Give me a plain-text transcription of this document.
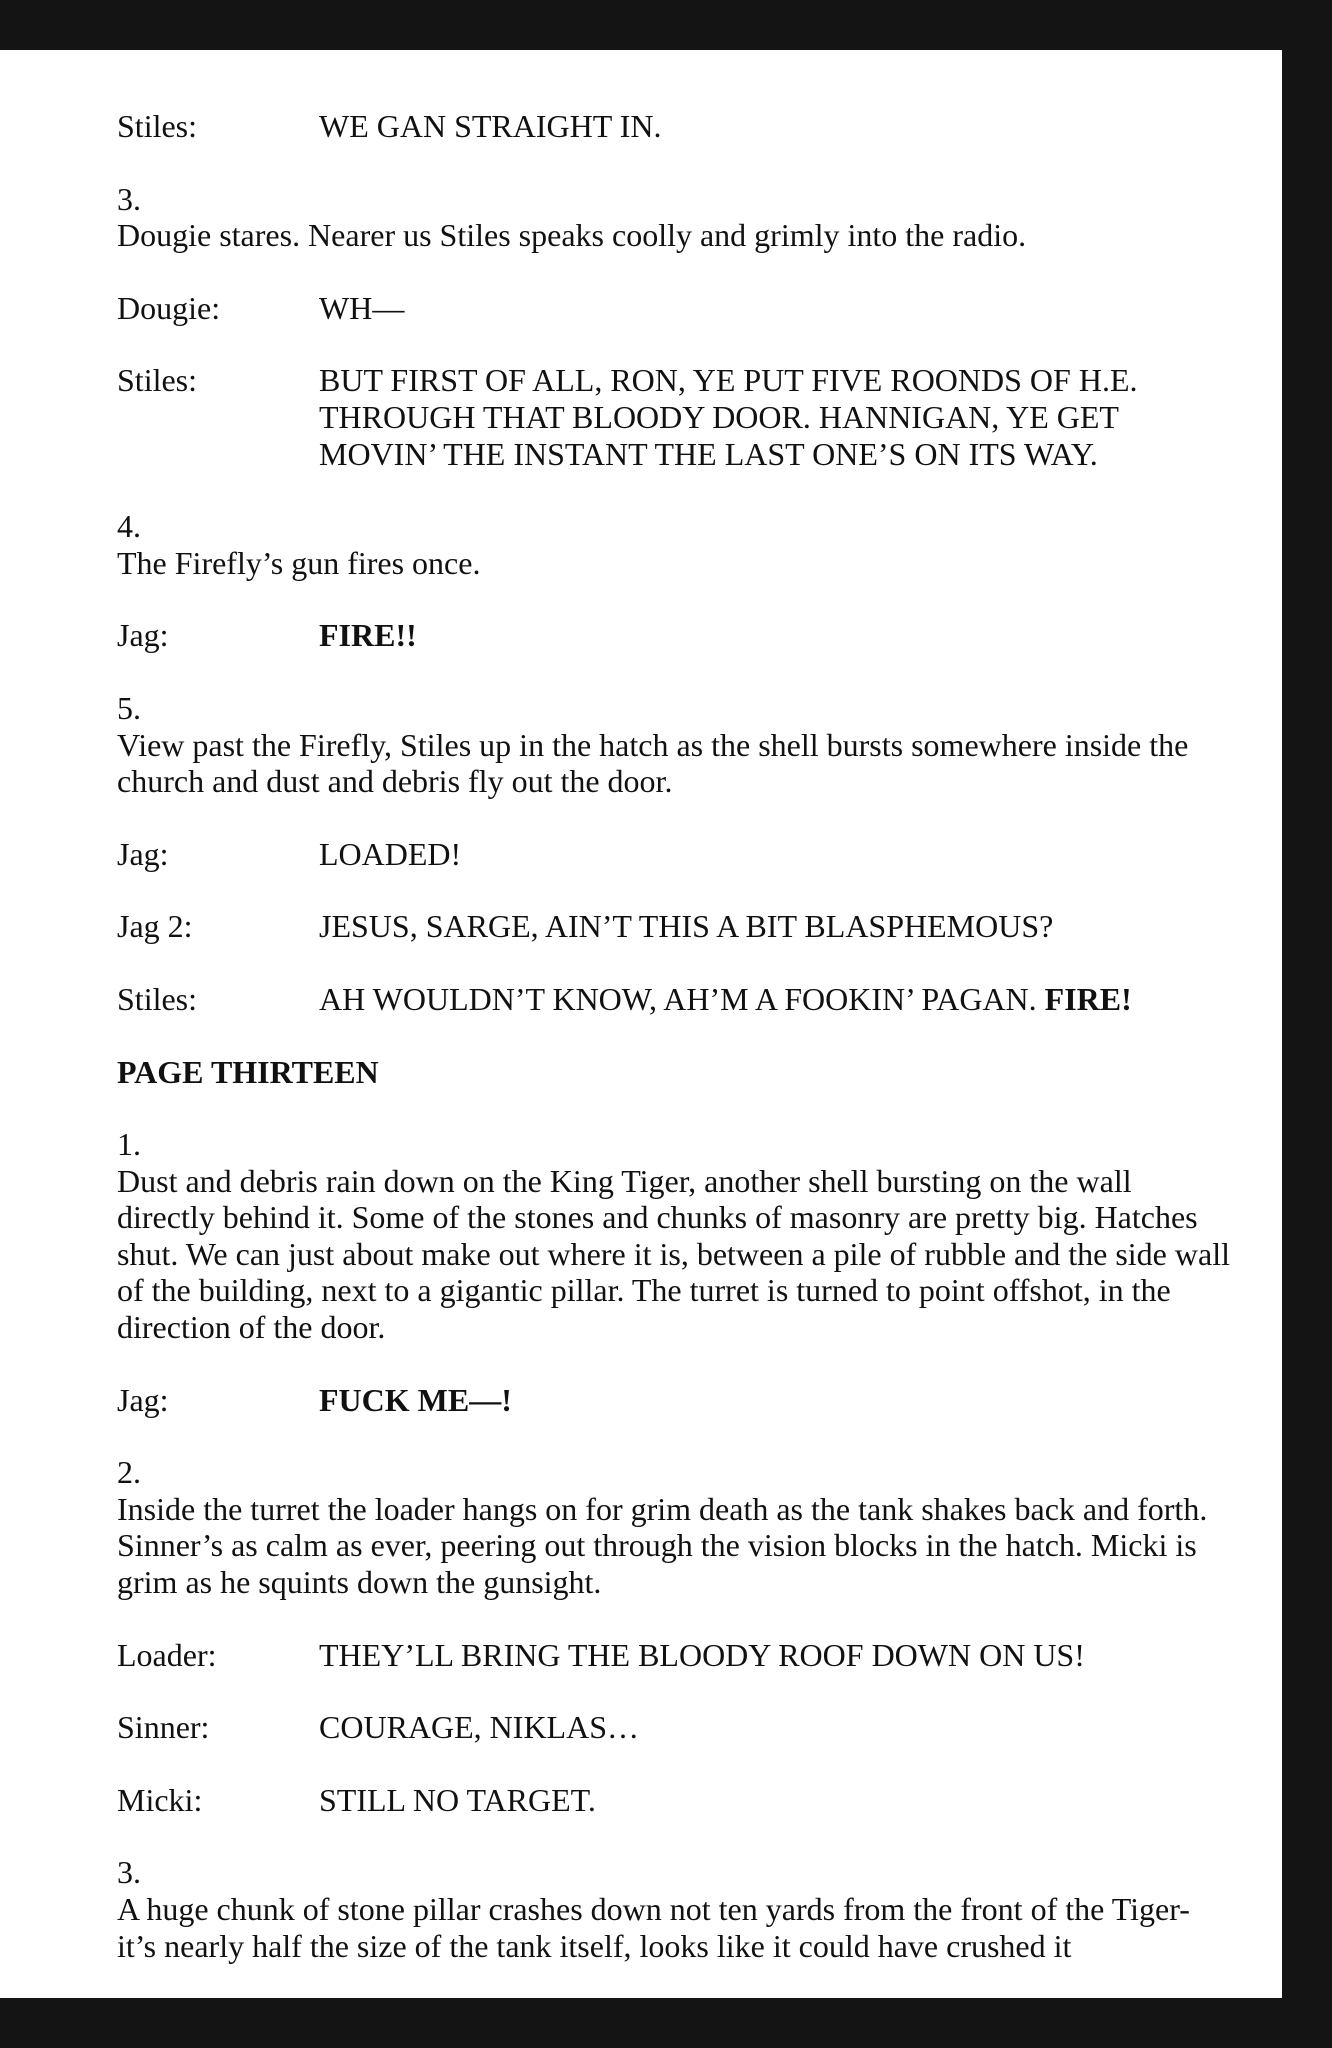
Stiles:	WE GAN STRAIGHT IN.
3.
Dougie stares. Nearer us Stiles speaks coolly and grimly into the radio.
Dougie:	WH—
Stiles:	BUT FIRST OF ALL, RON, YE PUT FIVE ROONDS OF H.E. THROUGH THAT BLOODY DOOR. HANNIGAN, YE GET MOVIN’ THE INSTANT THE LAST ONE’S ON ITS WAY.
4.
The Firefly’s gun fires once.
Jag:	FIRE!!
5.
View past the Firefly, Stiles up in the hatch as the shell bursts somewhere inside the church and dust and debris fly out the door.
Jag:	LOADED!
Jag 2:	JESUS, SARGE, AIN’T THIS A BIT BLASPHEMOUS?
Stiles:	AH WOULDN’T KNOW, AH’M A FOOKIN’ PAGAN. FIRE!
PAGE THIRTEEN
1.
Dust and debris rain down on the King Tiger, another shell bursting on the wall directly behind it. Some of the stones and chunks of masonry are pretty big. Hatches shut. We can just about make out where it is, between a pile of rubble and the side wall of the building, next to a gigantic pillar. The turret is turned to point offshot, in the direction of the door.
Jag:	FUCK ME—!
2.
Inside the turret the loader hangs on for grim death as the tank shakes back and forth. Sinner’s as calm as ever, peering out through the vision blocks in the hatch. Micki is grim as he squints down the gunsight.
Loader:	THEY’LL BRING THE BLOODY ROOF DOWN ON US!
Sinner:	COURAGE, NIKLAS…
Micki:	STILL NO TARGET.
3.
A huge chunk of stone pillar crashes down not ten yards from the front of the Tiger- it’s nearly half the size of the tank itself, looks like it could have crushed it
